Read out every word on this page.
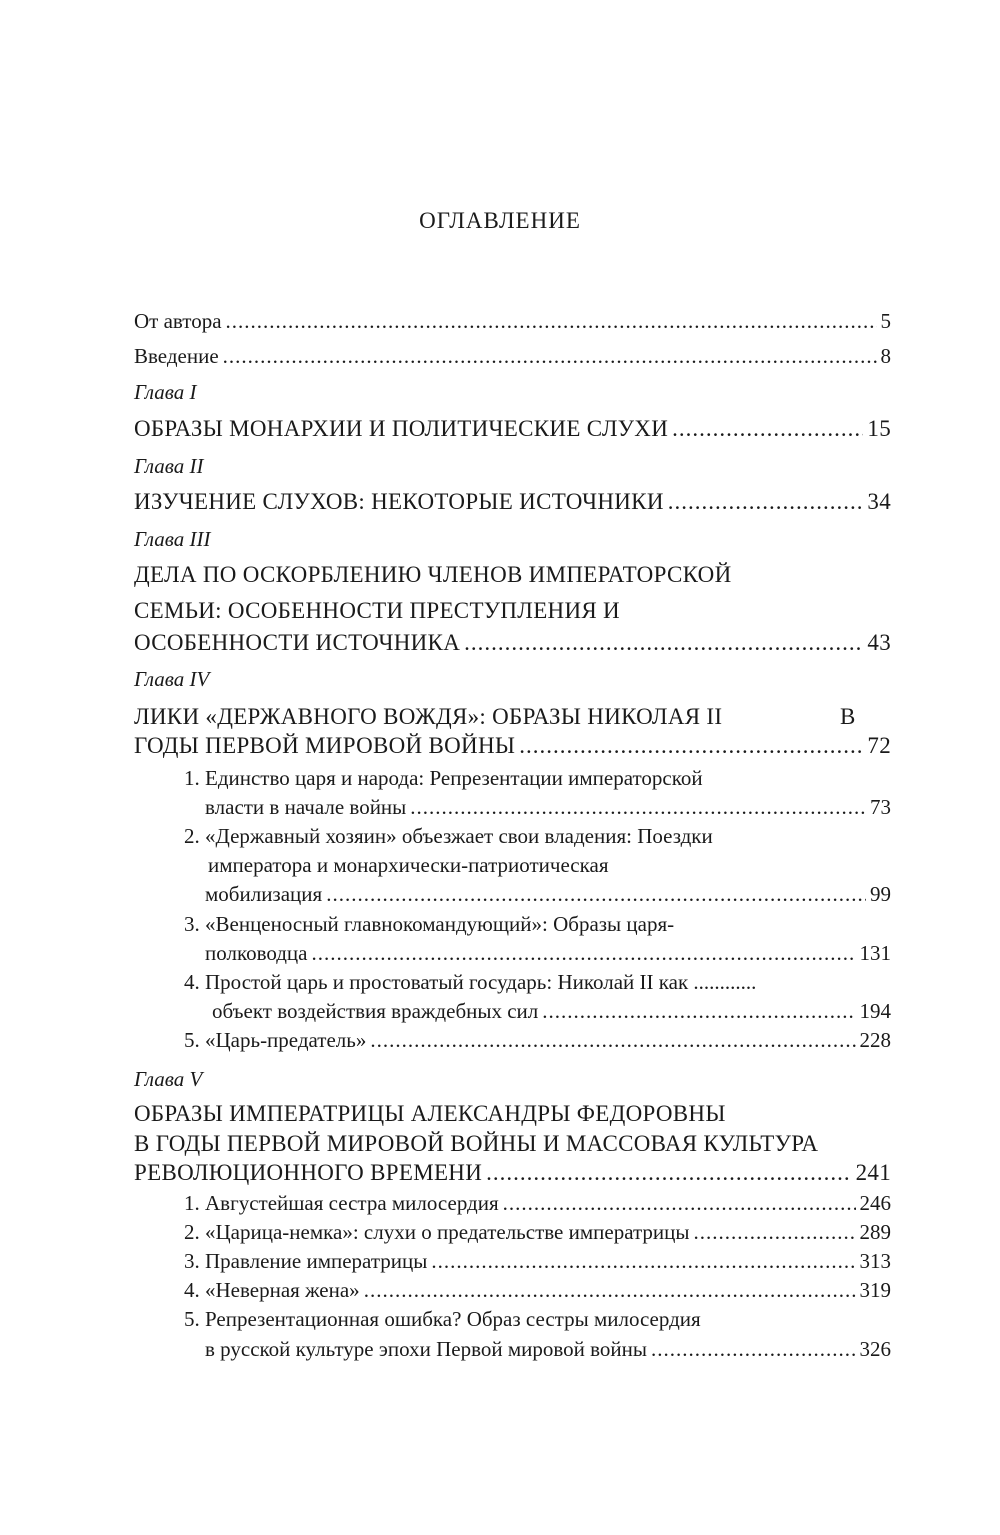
ОГЛАВЛЕНИЕ
От автора .....	5
Введение .....	8
Глава I
ОБРАЗЫ МОНАРХИИ И ПОЛИТИЧЕСКИЕ СЛУХИ .....	15
Глава II
ИЗУЧЕНИЕ СЛУХОВ: НЕКОТОРЫЕ ИСТОЧНИКИ .....	34
Глава III
ДЕЛА ПО ОСКОРБЛЕНИЮ ЧЛЕНОВ ИМПЕРАТОРСКОЙ
СЕМЬИ: ОСОБЕННОСТИ ПРЕСТУПЛЕНИЯ И
ОСОБЕННОСТИ ИСТОЧНИКА .....	43
Глава IV
ЛИКИ «ДЕРЖАВНОГО ВОЖДЯ»: ОБРАЗЫ НИКОЛАЯ II	В
ГОДЫ ПЕРВОЙ МИРОВОЙ ВОЙНЫ .....	72
1. Единство царя и народа: Репрезентации императорской
власти в начале войны .....	73
2. «Державный хозяин» объезжает свои владения: Поездки
императора и монархически-патриотическая
мобилизация .....	99
3. «Венценосный главнокомандующий»: Образы царя-
полководца .....	131
4. Простой царь и простоватый государь: Николай II как ............
объект воздействия враждебных сил .....	194
5. «Царь-предатель» .....	228
Глава V
ОБРАЗЫ ИМПЕРАТРИЦЫ АЛЕКСАНДРЫ ФЕДОРОВНЫ
В ГОДЫ ПЕРВОЙ МИРОВОЙ ВОЙНЫ И МАССОВАЯ КУЛЬТУРА
РЕВОЛЮЦИОННОГО ВРЕМЕНИ .....	241
1. Августейшая сестра милосердия .....	246
2. «Царица-немка»: слухи о предательстве императрицы .....	289
3. Правление императрицы .....	313
4. «Неверная жена» .....	319
5. Репрезентационная ошибка? Образ сестры милосердия
в русской культуре эпохи Первой мировой войны .....	326
